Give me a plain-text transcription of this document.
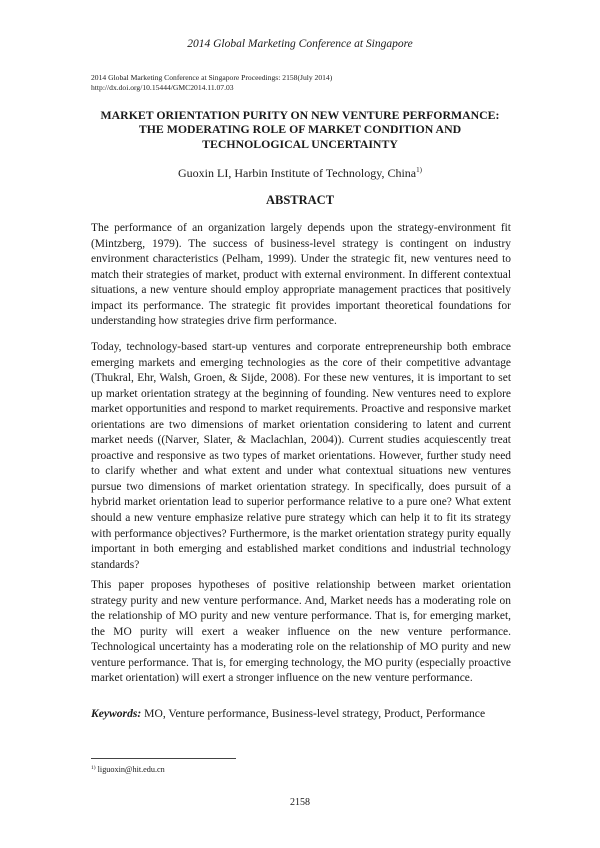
2014 Global Marketing Conference at Singapore
2014 Global Marketing Conference at Singapore Proceedings: 2158(July 2014)
http://dx.doi.org/10.15444/GMC2014.11.07.03
MARKET ORIENTATION PURITY ON NEW VENTURE PERFORMANCE:
THE MODERATING ROLE OF MARKET CONDITION AND
TECHNOLOGICAL UNCERTAINTY
Guoxin LI, Harbin Institute of Technology, China$^{1)}$
ABSTRACT
The performance of an organization largely depends upon the strategy-environment fit (Mintzberg, 1979). The success of business-level strategy is contingent on industry environment characteristics (Pelham, 1999). Under the strategic fit, new ventures need to match their strategies of market, product with external environment. In different contextual situations, a new venture should employ appropriate management practices that positively impact its performance. The strategic fit provides important theoretical foundations for understanding how strategies drive firm performance.
Today, technology-based start-up ventures and corporate entrepreneurship both embrace emerging markets and emerging technologies as the core of their competitive advantage (Thukral, Ehr, Walsh, Groen, & Sijde, 2008). For these new ventures, it is important to set up market orientation strategy at the beginning of founding. New ventures need to explore market opportunities and respond to market requirements. Proactive and responsive market orientations are two dimensions of market orientation considering to latent and current market needs ((Narver, Slater, & Maclachlan, 2004)). Current studies acquiescently treat proactive and responsive as two types of market orientations. However, further study need to clarify whether and what extent and under what contextual situations new ventures pursue two dimensions of market orientation strategy. In specifically, does pursuit of a hybrid market orientation lead to superior performance relative to a pure one? What extent should a new venture emphasize relative pure strategy which can help it to fit its strategy with performance objectives? Furthermore, is the market orientation strategy purity equally important in both emerging and established market conditions and industrial technology standards?
This paper proposes hypotheses of positive relationship between market orientation strategy purity and new venture performance. And, Market needs has a moderating role on the relationship of MO purity and new venture performance. That is, for emerging market, the MO purity will exert a weaker influence on the new venture performance. Technological uncertainty has a moderating role on the relationship of MO purity and new venture performance. That is, for emerging technology, the MO purity (especially proactive market orientation) will exert a stronger influence on the new venture performance.
Keywords: MO, Venture performance, Business-level strategy, Product, Performance
$^{1)}$ liguoxin@hit.edu.cn
2158
